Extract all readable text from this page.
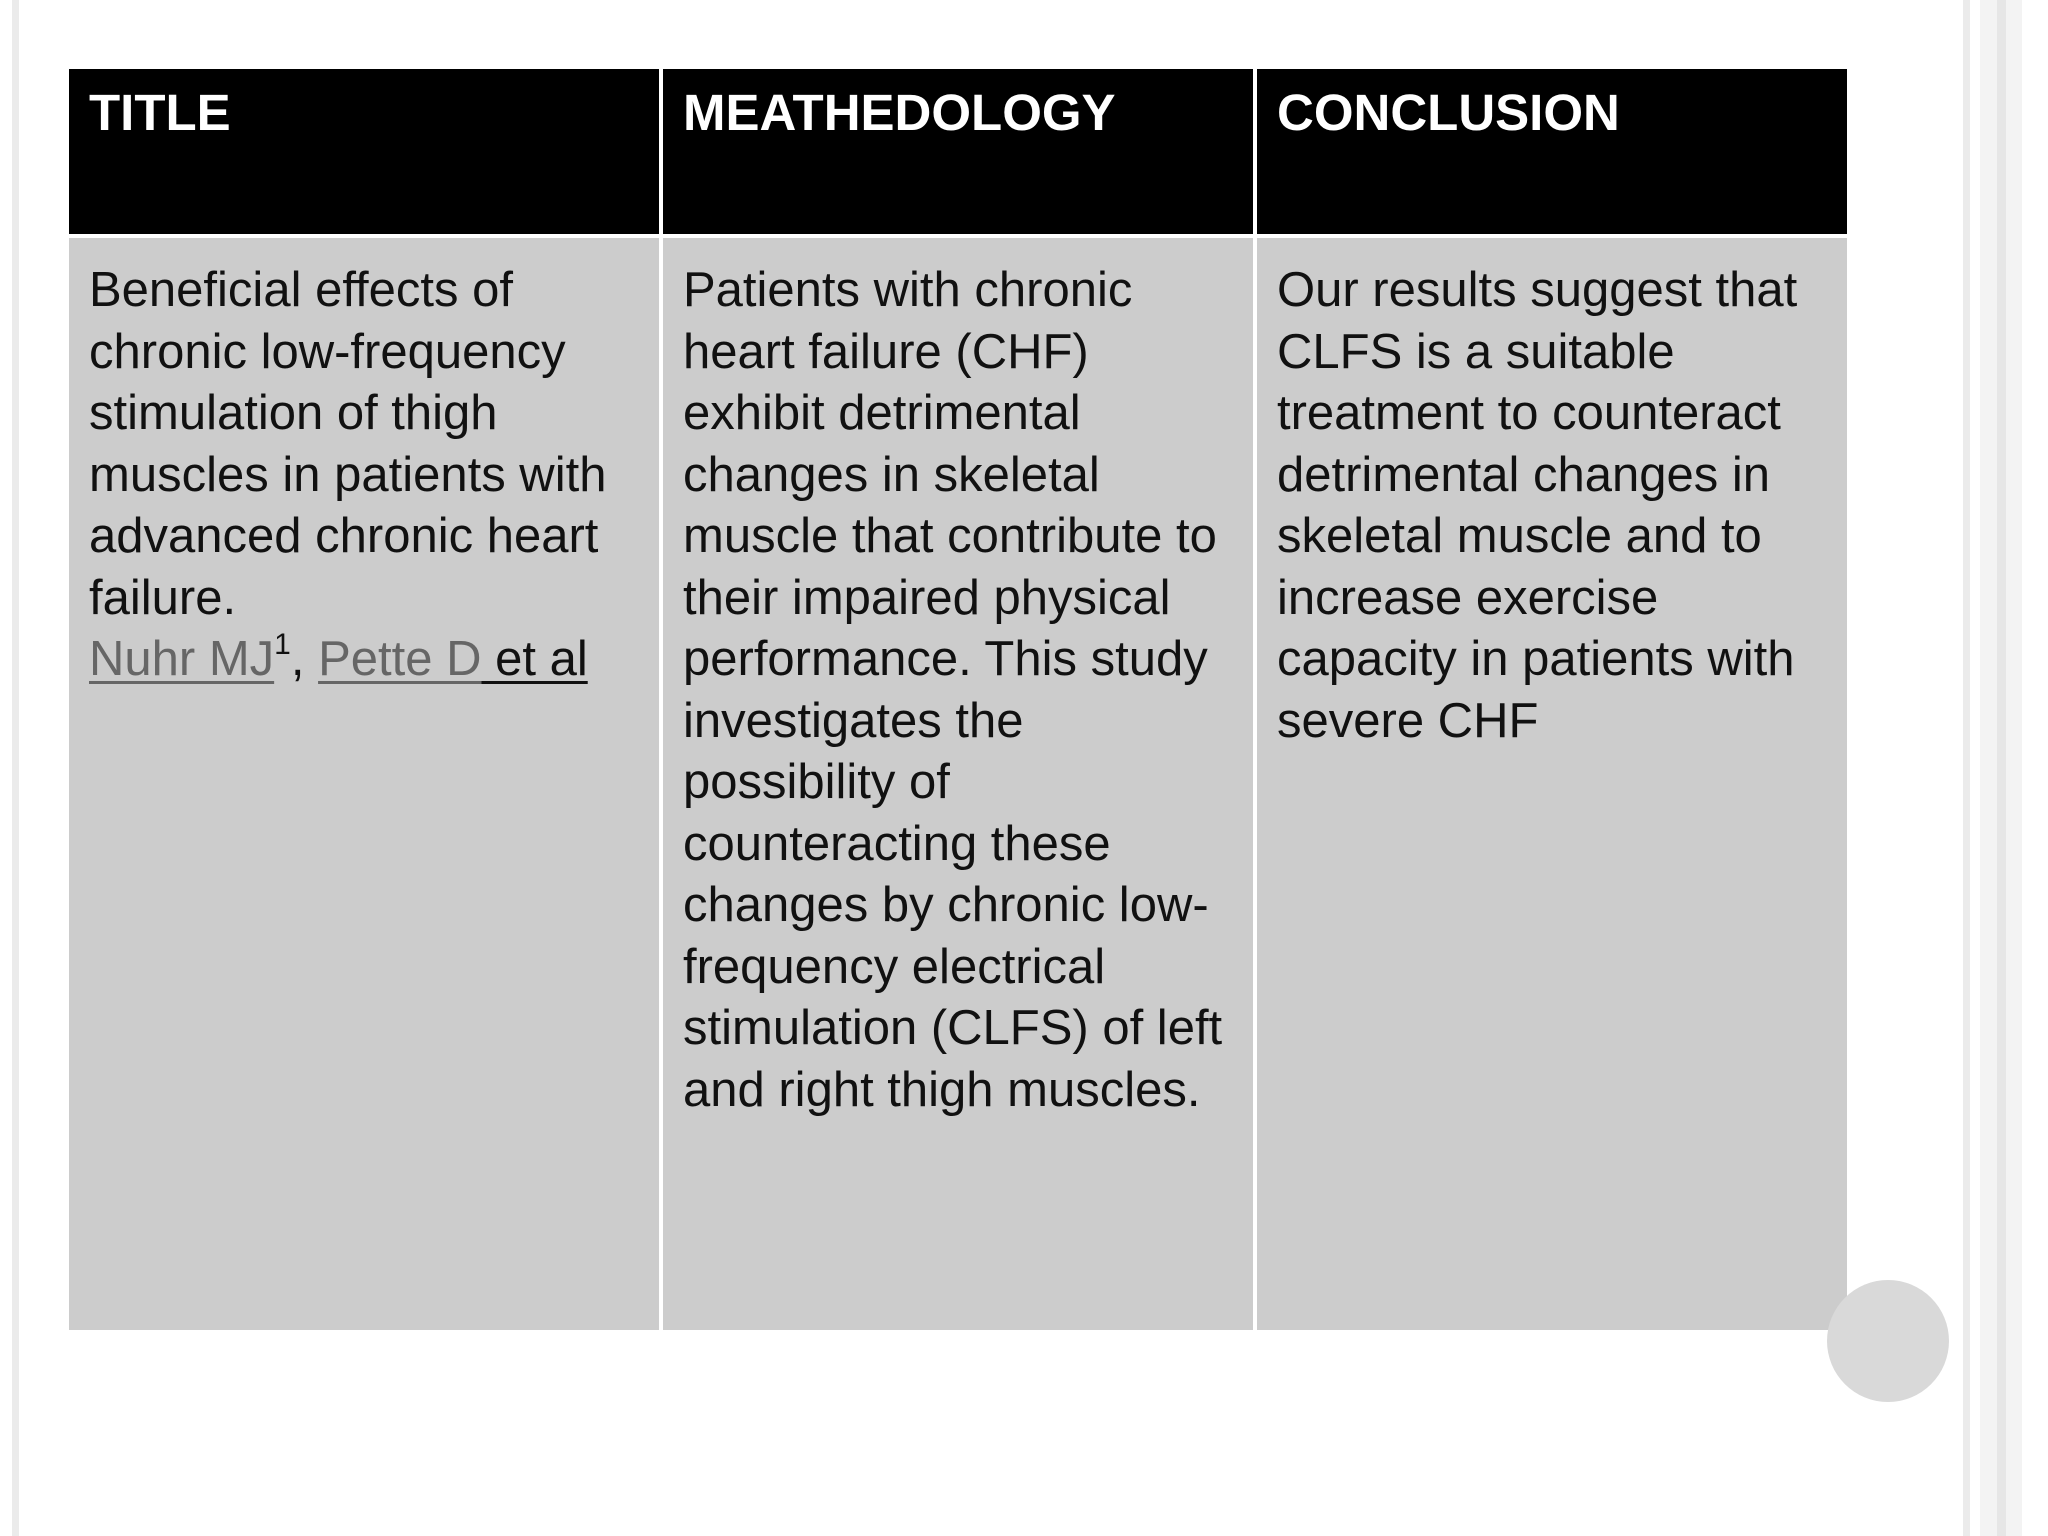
TITLE	MEATHEDOLOGY	CONCLUSION
Beneficial effects of chronic low-frequency stimulation of thigh muscles in patients with advanced chronic heart failure.
Nuhr $MJ^1$, Pette D et al
Patients with chronic heart failure (CHF) exhibit detrimental changes in skeletal muscle that contribute to their impaired physical performance. This study investigates the possibility of counteracting these changes by chronic low-frequency electrical stimulation (CLFS) of left and right thigh muscles.
Our results suggest that CLFS is a suitable treatment to counteract detrimental changes in skeletal muscle and to increase exercise capacity in patients with severe CHF
